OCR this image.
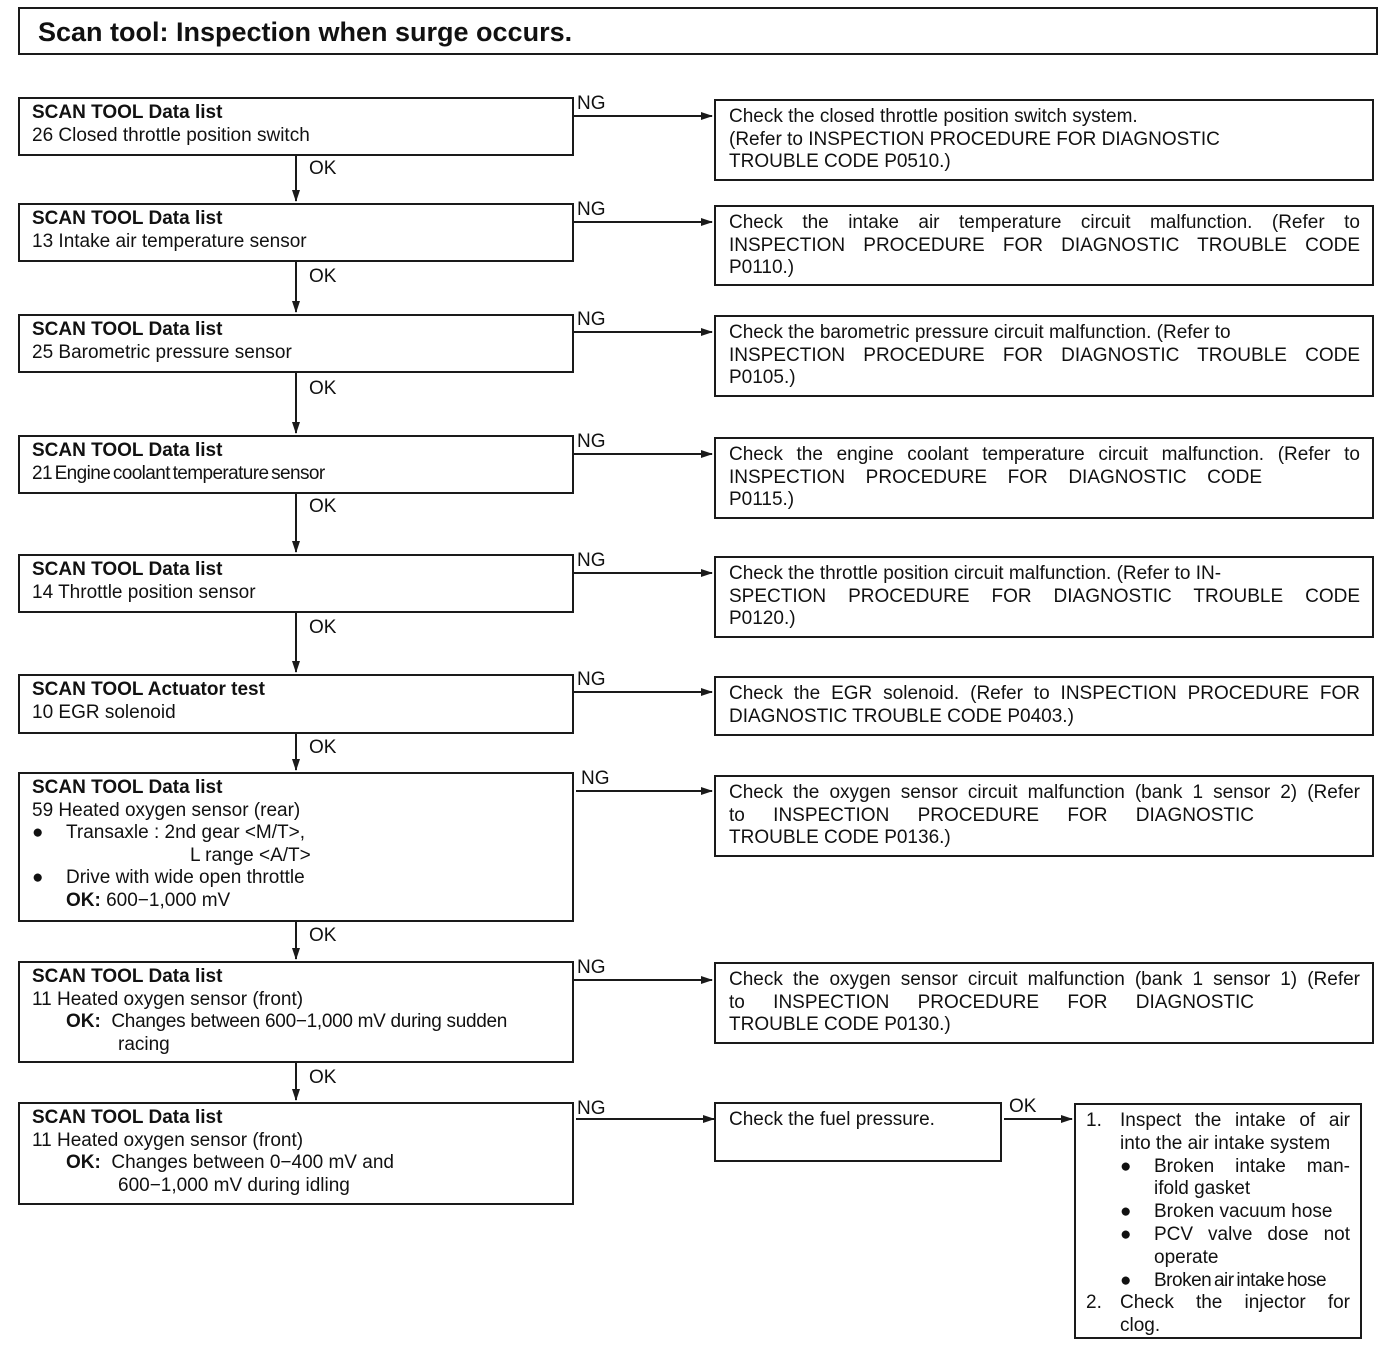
Scan tool: Inspection when surge occurs.
SCAN TOOL Data list
26 Closed throttle position switch
SCAN TOOL Data list
13 Intake air temperature sensor
SCAN TOOL Data list
25 Barometric pressure sensor
SCAN TOOL Data list
21 Engine coolant temperature sensor
SCAN TOOL Data list
14 Throttle position sensor
SCAN TOOL Actuator test
10 EGR solenoid
SCAN TOOL Data list
59 Heated oxygen sensor (rear)
● Transaxle : 2nd gear <M/T>,
L range <A/T>
● Drive with wide open throttle
OK: 600−1,000 mV
SCAN TOOL Data list
11 Heated oxygen sensor (front)
OK: Changes between 600−1,000 mV during sudden
racing
SCAN TOOL Data list
11 Heated oxygen sensor (front)
OK: Changes between 0−400 mV and
600−1,000 mV during idling
Check the closed throttle position switch system.
(Refer to INSPECTION PROCEDURE FOR DIAGNOSTIC
TROUBLE CODE P0510.)
Check the intake air temperature circuit malfunction. (Refer to
INSPECTION PROCEDURE FOR DIAGNOSTIC TROUBLE CODE
P0110.)
Check the barometric pressure circuit malfunction. (Refer to
INSPECTION PROCEDURE FOR DIAGNOSTIC TROUBLE CODE
P0105.)
Check the engine coolant temperature circuit malfunction. (Refer to
INSPECTION PROCEDURE FOR DIAGNOSTIC CODE
P0115.)
Check the throttle position circuit malfunction. (Refer to IN-
SPECTION PROCEDURE FOR DIAGNOSTIC TROUBLE CODE
P0120.)
Check the EGR solenoid. (Refer to INSPECTION PROCEDURE FOR
DIAGNOSTIC TROUBLE CODE P0403.)
Check the oxygen sensor circuit malfunction (bank 1 sensor 2) (Refer
to INSPECTION PROCEDURE FOR DIAGNOSTIC
TROUBLE CODE P0136.)
Check the oxygen sensor circuit malfunction (bank 1 sensor 1) (Refer
to INSPECTION PROCEDURE FOR DIAGNOSTIC
TROUBLE CODE P0130.)
Check the fuel pressure.	1. Inspect the intake of air
into the air intake system
●	Broken intake man-
ifold gasket
●	Broken vacuum hose
●	PCV valve dose not
operate
●	Broken air intake hose
2. Check the injector for
clog.
NG
NG
NG
NG
NG
NG
NG
NG
NG
OK
OK
OK
OK
OK
OK
OK
OK
OK
